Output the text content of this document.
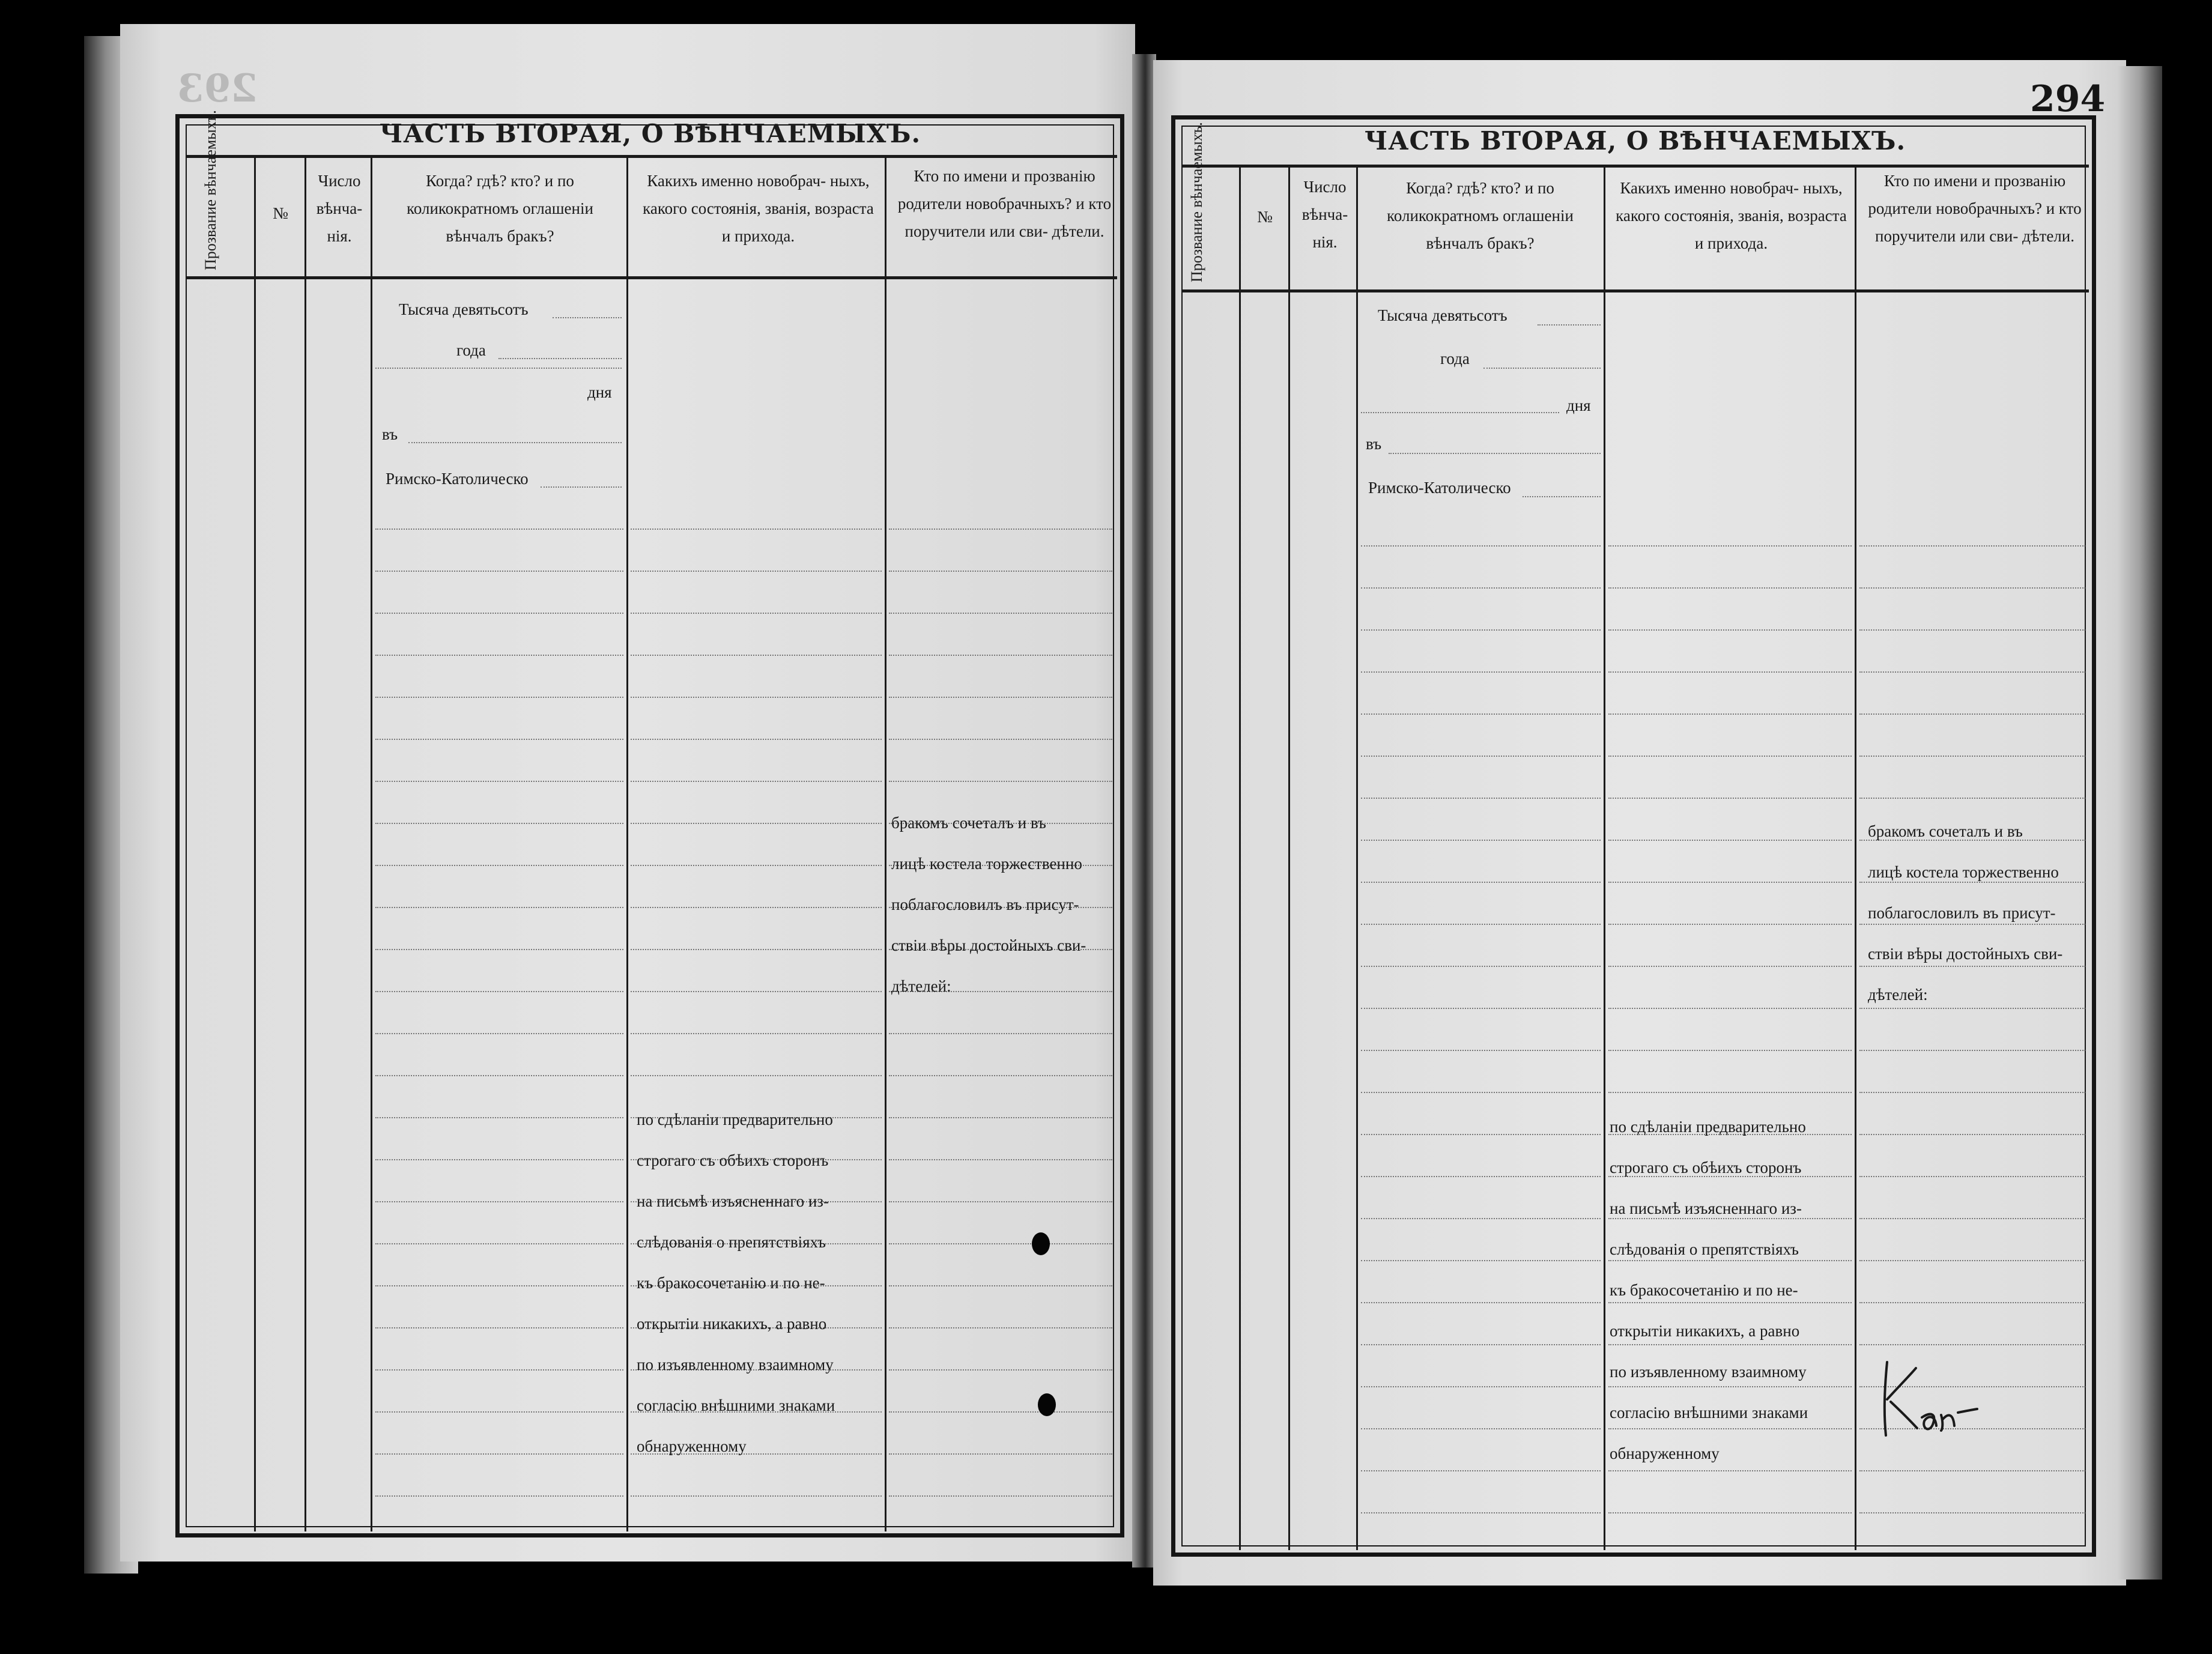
293
ЧАСТЬ ВТОРАЯ, О ВѢНЧАЕМЫХЪ.
Прозвание вѣнчаемыхъ.	№
Число вѣнча- нія.
Когда? гдѣ? кто? и по коликократномъ оглашеніи вѣнчалъ бракъ?
Какихъ именно новобрач- ныхъ, какого состоянія, званія, возраста и прихода.
Кто по имени и прозванію родители новобрачныхъ? и кто поручители или сви- дѣтели.
Тысяча девятьсотъ
года
дня
въ
Римско-Католическо
бракомъ сочеталъ и въ
лицѣ костела торжественно
поблагословилъ въ присут-
ствіи вѣры достойныхъ сви-
дѣтелей:
по сдѣланіи предварительно
строгаго съ обѣихъ сторонъ
на письмѣ изъясненнаго из-
слѣдованія о препятствіяхъ
къ бракосочетанію и по не-
открытіи никакихъ, а равно
по изъявленному взаимному
согласію внѣшними знаками
обнаруженному
294
ЧАСТЬ ВТОРАЯ, О ВѢНЧАЕМЫХЪ.
Прозвание вѣнчаемыхъ.	№
Число вѣнча- нія.
Когда? гдѣ? кто? и по коликократномъ оглашеніи вѣнчалъ бракъ?
Какихъ именно новобрач- ныхъ, какого состоянія, званія, возраста и прихода.
Кто по имени и прозванію родители новобрачныхъ? и кто поручители или сви- дѣтели.
Тысяча девятьсотъ
года
дня
въ
Римско-Католическо
бракомъ сочеталъ и въ
лицѣ костела торжественно
поблагословилъ въ присут-
ствіи вѣры достойныхъ сви-
дѣтелей:
по сдѣланіи предварительно
строгаго съ обѣихъ сторонъ
на письмѣ изъясненнаго из-
слѣдованія о препятствіяхъ
къ бракосочетанію и по не-
открытіи никакихъ, а равно
по изъявленному взаимному
согласію внѣшними знаками
обнаруженному
Кан-
